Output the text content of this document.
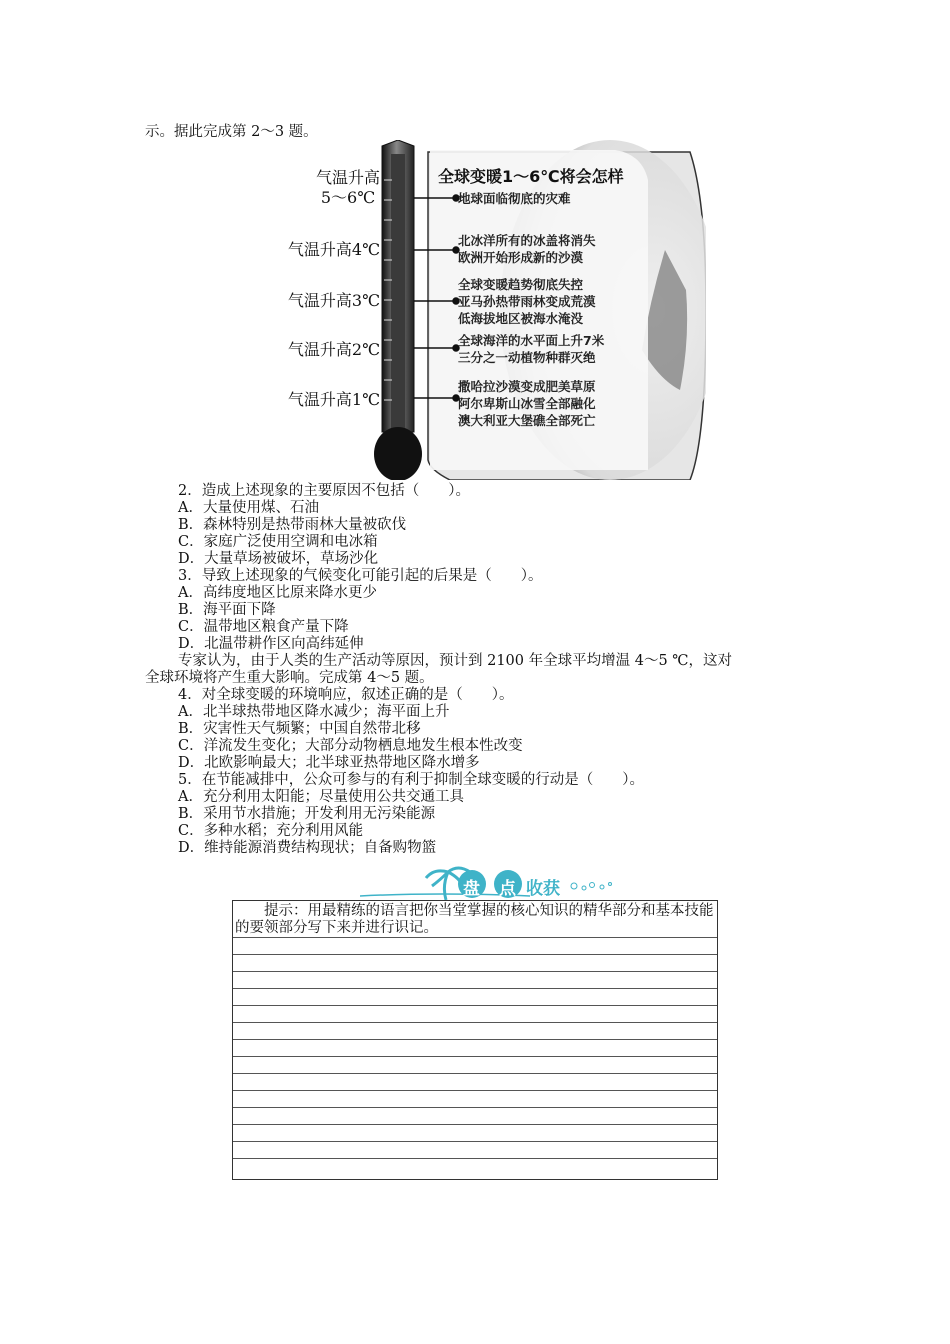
示。据此完成第 2～3 题。
气温升高
5～6℃
气温升高4℃
气温升高3℃
气温升高2℃
气温升高1℃
全球变暖1～6℃将会怎样
地球面临彻底的灾难
北冰洋所有的冰盖将消失
欧洲开始形成新的沙漠
全球变暖趋势彻底失控
亚马孙热带雨林变成荒漠
低海拔地区被海水淹没
全球海洋的水平面上升7米
三分之一动植物种群灭绝
撒哈拉沙漠变成肥美草原
阿尔卑斯山冰雪全部融化
澳大利亚大堡礁全部死亡
2．造成上述现象的主要原因不包括（　　）。
A．大量使用煤、石油
B．森林特别是热带雨林大量被砍伐
C．家庭广泛使用空调和电冰箱
D．大量草场被破坏，草场沙化
3．导致上述现象的气候变化可能引起的后果是（　　）。
A．高纬度地区比原来降水更少
B．海平面下降
C．温带地区粮食产量下降
D．北温带耕作区向高纬延伸
专家认为，由于人类的生产活动等原因，预计到 2100 年全球平均增温 4～5 ℃，这对
全球环境将产生重大影响。完成第 4～5 题。
4．对全球变暖的环境响应，叙述正确的是（　　）。
A．北半球热带地区降水减少；海平面上升
B．灾害性天气频繁；中国自然带北移
C．洋流发生变化；大部分动物栖息地发生根本性改变
D．北欧影响最大；北半球亚热带地区降水增多
5．在节能减排中，公众可参与的有利于抑制全球变暖的行动是（　　）。
A．充分利用太阳能；尽量使用公共交通工具
B．采用节水措施；开发利用无污染能源
C．多种水稻；充分利用风能
D．维持能源消费结构现状；自备购物篮
盘 点 收获
提示：用最精练的语言把你当堂掌握的核心知识的精华部分和基本技能的要领部分写下来并进行识记。
